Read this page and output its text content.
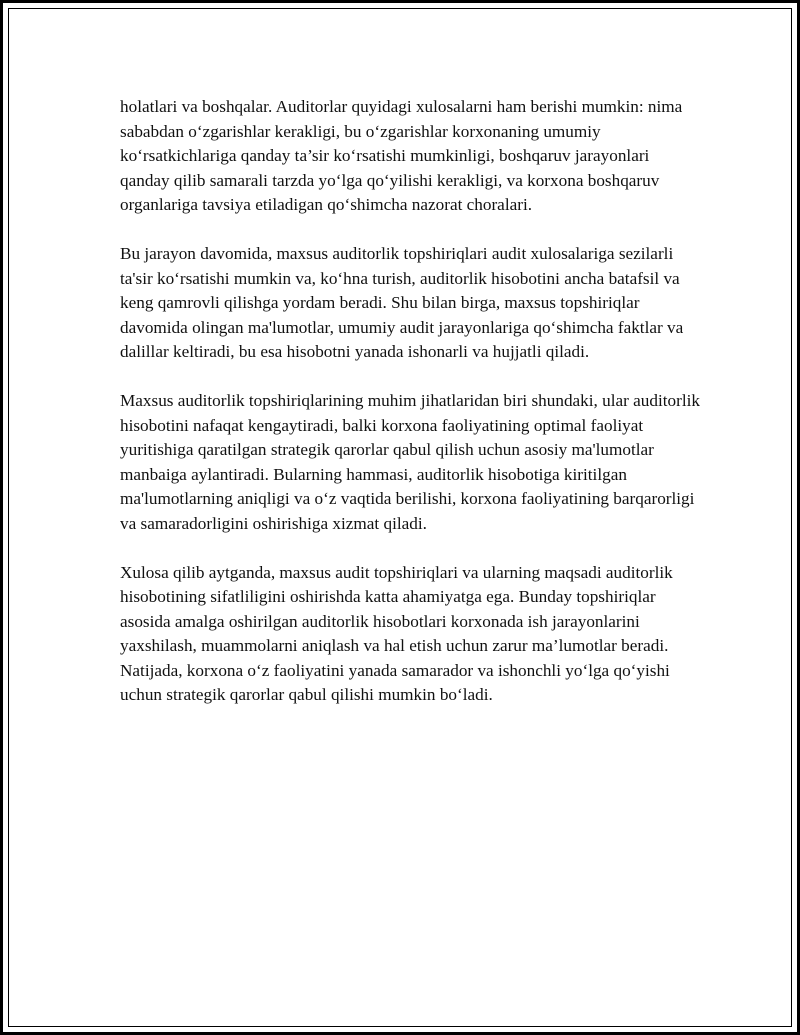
holatlari va boshqalar. Auditorlar quyidagi xulosalarni ham berishi mumkin: nima sababdan o‘zgarishlar kerakligi, bu o‘zgarishlar korxonaning umumiy ko‘rsatkichlariga qanday ta’sir ko‘rsatishi mumkinligi, boshqaruv jarayonlari qanday qilib samarali tarzda yo‘lga qo‘yilishi kerakligi, va korxona boshqaruv organlariga tavsiya etiladigan qo‘shimcha nazorat choralari.

Bu jarayon davomida, maxsus auditorlik topshiriqlari audit xulosalariga sezilarli ta'sir ko‘rsatishi mumkin va, ko‘hna turish, auditorlik hisobotini ancha batafsil va keng qamrovli qilishga yordam beradi. Shu bilan birga, maxsus topshiriqlar davomida olingan ma'lumotlar, umumiy audit jarayonlariga qo‘shimcha faktlar va dalillar keltiradi, bu esa hisobotni yanada ishonarli va hujjatli qiladi.

Maxsus auditorlik topshiriqlarining muhim jihatlaridan biri shundaki, ular auditorlik hisobotini nafaqat kengaytiradi, balki korxona faoliyatining optimal faoliyat yuritishiga qaratilgan strategik qarorlar qabul qilish uchun asosiy ma'lumotlar manbaiga aylantiradi. Bularning hammasi, auditorlik hisobotiga kiritilgan ma'lumotlarning aniqligi va o‘z vaqtida berilishi, korxona faoliyatining barqarorligi va samaradorligini oshirishiga xizmat qiladi.

Xulosa qilib aytganda, maxsus audit topshiriqlari va ularning maqsadi auditorlik hisobotining sifatliligini oshirishda katta ahamiyatga ega. Bunday topshiriqlar asosida amalga oshirilgan auditorlik hisobotlari korxonada ish jarayonlarini yaxshilash, muammolarni aniqlash va hal etish uchun zarur ma’lumotlar beradi. Natijada, korxona o‘z faoliyatini yanada samarador va ishonchli yo‘lga qo‘yishi uchun strategik qarorlar qabul qilishi mumkin bo‘ladi.
